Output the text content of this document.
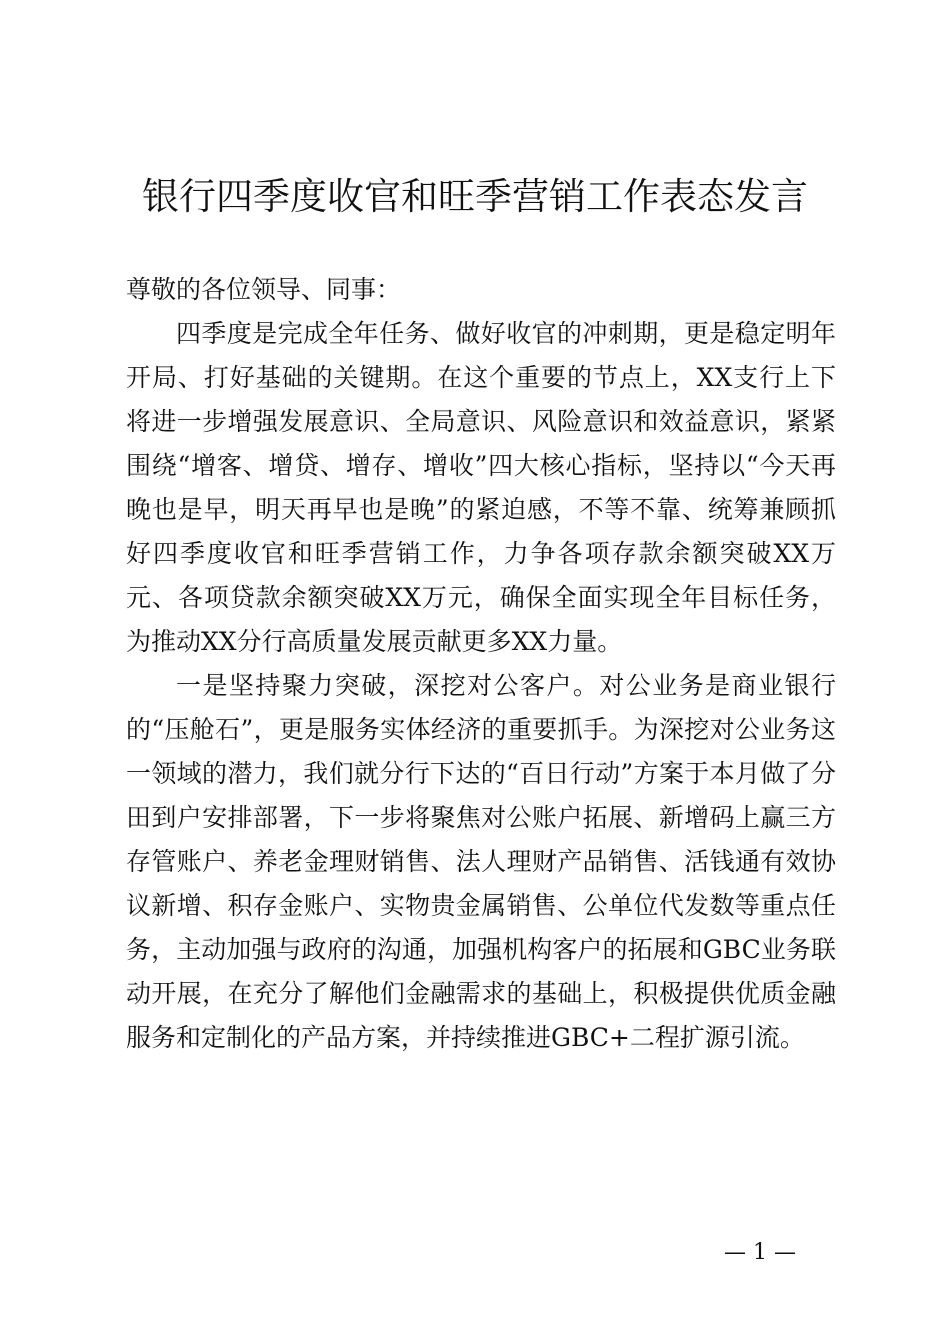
银行四季度收官和旺季营销工作表态发言

尊敬的各位领导、同事：

四季度是完成全年任务、做好收官的冲刺期，更是稳定明年开局、打好基础的关键期。在这个重要的节点上，XX支行上下将进一步增强发展意识、全局意识、风险意识和效益意识，紧紧围绕“增客、增贷、增存、增收”四大核心指标，坚持以“今天再晚也是早，明天再早也是晚”的紧迫感，不等不靠、统筹兼顾抓好四季度收官和旺季营销工作，力争各项存款余额突破XX万元、各项贷款余额突破XX万元，确保全面实现全年目标任务，为推动XX分行高质量发展贡献更多XX力量。

一是坚持聚力突破，深挖对公客户。对公业务是商业银行的“压舱石”，更是服务实体经济的重要抓手。为深挖对公业务这一领域的潜力，我们就分行下达的“百日行动”方案于本月做了分田到户安排部署，下一步将聚焦对公账户拓展、新增码上赢三方存管账户、养老金理财销售、法人理财产品销售、活钱通有效协议新增、积存金账户、实物贵金属销售、公单位代发数等重点任务，主动加强与政府的沟通，加强机构客户的拓展和GBC业务联动开展，在充分了解他们金融需求的基础上，积极提供优质金融服务和定制化的产品方案，并持续推进GBC+二程扩源引流。

— 1 —
